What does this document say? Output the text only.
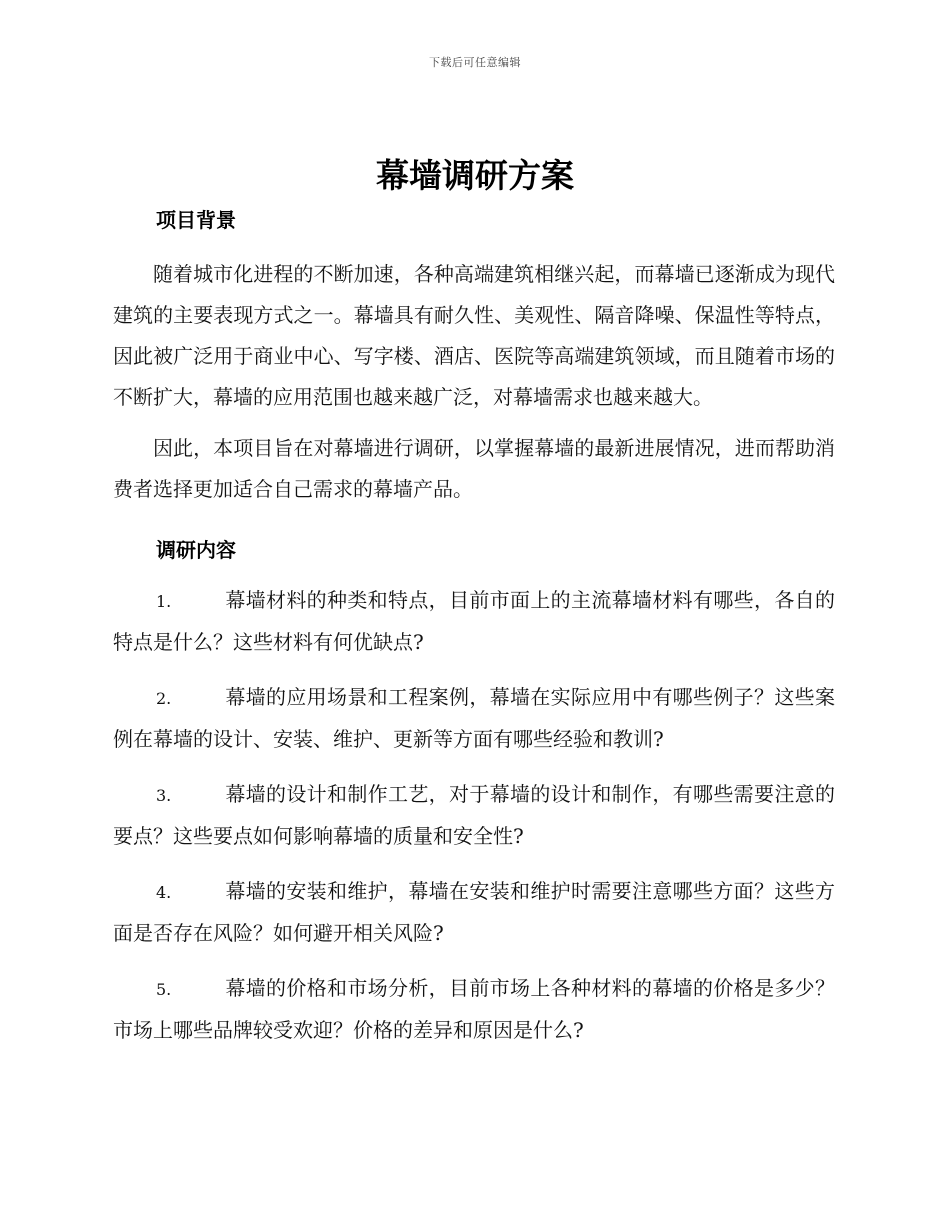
下载后可任意编辑
幕墙调研方案
项目背景

随着城市化进程的不断加速，各种高端建筑相继兴起，而幕墙已逐渐成为现代建筑的主要表现方式之一。幕墙具有耐久性、美观性、隔音降噪、保温性等特点，因此被广泛用于商业中心、写字楼、酒店、医院等高端建筑领域，而且随着市场的不断扩大，幕墙的应用范围也越来越广泛，对幕墙需求也越来越大。

因此，本项目旨在对幕墙进行调研，以掌握幕墙的最新进展情况，进而帮助消费者选择更加适合自己需求的幕墙产品。

调研内容
1.	幕墙材料的种类和特点，目前市面上的主流幕墙材料有哪些，各自的特点是什么？这些材料有何优缺点?
2.	幕墙的应用场景和工程案例，幕墙在实际应用中有哪些例子？这些案例在幕墙的设计、安装、维护、更新等方面有哪些经验和教训?
3.	幕墙的设计和制作工艺，对于幕墙的设计和制作，有哪些需要注意的要点？这些要点如何影响幕墙的质量和安全性?
4.	幕墙的安装和维护，幕墙在安装和维护时需要注意哪些方面？这些方面是否存在风险？如何避开相关风险?
5.	幕墙的价格和市场分析，目前市场上各种材料的幕墙的价格是多少？市场上哪些品牌较受欢迎？价格的差异和原因是什么?
